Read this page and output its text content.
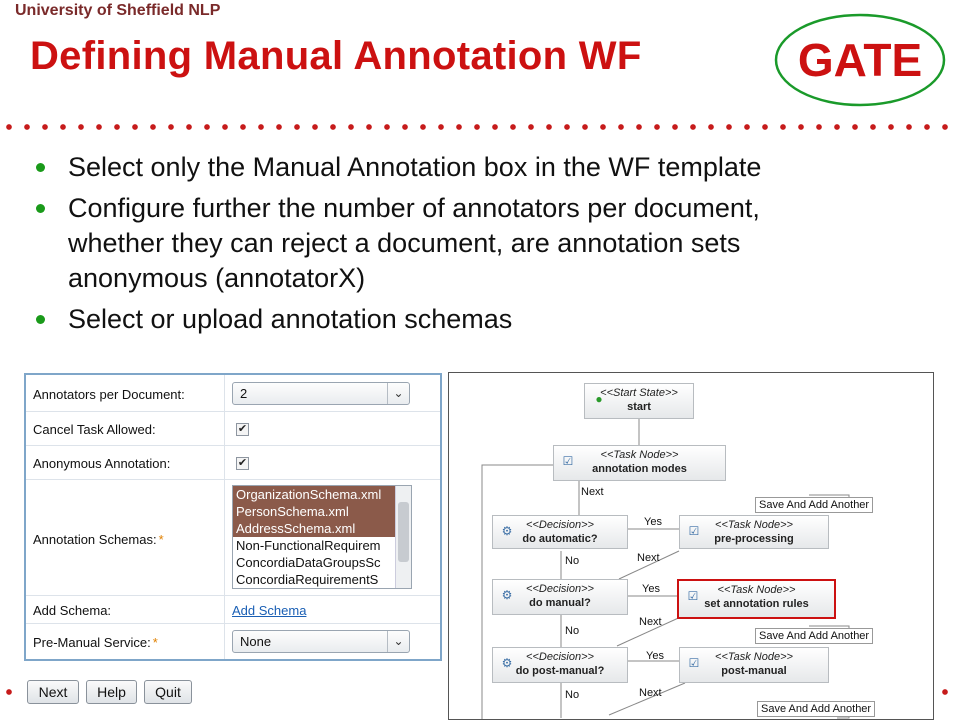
University of Sheffield NLP
Defining Manual Annotation WF	GATE
Select only the Manual Annotation box in the WF template
Configure further the number of annotators per document,
whether they can reject a document, are annotation sets
anonymous (annotatorX)
Select or upload annotation schemas
Annotators per Document:	2	⌄
Cancel Task Allowed:	✔
Anonymous Annotation:	✔
Annotation Schemas: *
OrganizationSchema.xml
PersonSchema.xml
AddressSchema.xml
Non-FunctionalRequirem
ConcordiaDataGroupsSc
ConcordiaRequirementS
Add Schema:	Add Schema
Pre-Manual Service: *	None	⌄
Next	Help	Quit
●
<<Start State>>
start
☑	<<Task Node>>
annotation modes
Next
⚙	<<Decision>>
do automatic?
Yes
☑	<<Task Node>>
pre-processing
Save And Add Another
No	Next
⚙	<<Decision>>
do manual?
Yes ☑	<<Task Node>>
set annotation rules
No
Next
Save And Add Another
⚙	<<Decision>>
do post-manual?
Yes ☑	<<Task Node>>
post-manual
No	Next
Save And Add Another
